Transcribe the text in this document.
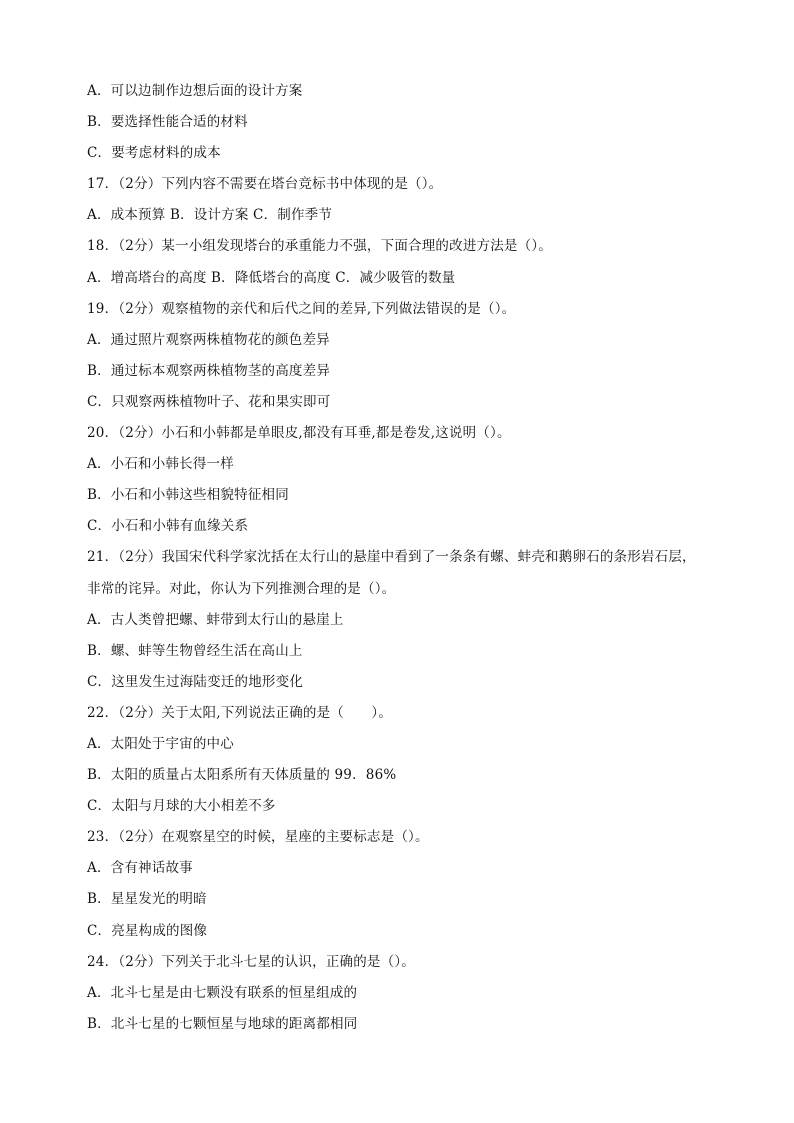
A．可以边制作边想后面的设计方案
B．要选择性能合适的材料
C．要考虑材料的成本
17．（2分）下列内容不需要在塔台竞标书中体现的是（）。
A．成本预算 B．设计方案 C．制作季节
18．（2分）某一小组发现塔台的承重能力不强，下面合理的改进方法是（）。
A．增高塔台的高度 B．降低塔台的高度 C．减少吸管的数量
19．（2分）观察植物的亲代和后代之间的差异,下列做法错误的是（）。
A．通过照片观察两株植物花的颜色差异
B．通过标本观察两株植物茎的高度差异
C．只观察两株植物叶子、花和果实即可
20．（2分）小石和小韩都是单眼皮,都没有耳垂,都是卷发,这说明（）。
A．小石和小韩长得一样
B．小石和小韩这些相貌特征相同
C．小石和小韩有血缘关系
21．（2分）我国宋代科学家沈括在太行山的悬崖中看到了一条条有螺、蚌壳和鹅卵石的条形岩石层，
非常的诧异。对此，你认为下列推测合理的是（）。
A．古人类曾把螺、蚌带到太行山的悬崖上
B．螺、蚌等生物曾经生活在高山上
C．这里发生过海陆变迁的地形变化
22．（2分）关于太阳,下列说法正确的是（　　）。
A．太阳处于宇宙的中心
B．太阳的质量占太阳系所有天体质量的 99．86%
C．太阳与月球的大小相差不多
23．（2分）在观察星空的时候，星座的主要标志是（）。
A．含有神话故事
B．星星发光的明暗
C．亮星构成的图像
24．（2分）下列关于北斗七星的认识，正确的是（）。
A．北斗七星是由七颗没有联系的恒星组成的
B．北斗七星的七颗恒星与地球的距离都相同
